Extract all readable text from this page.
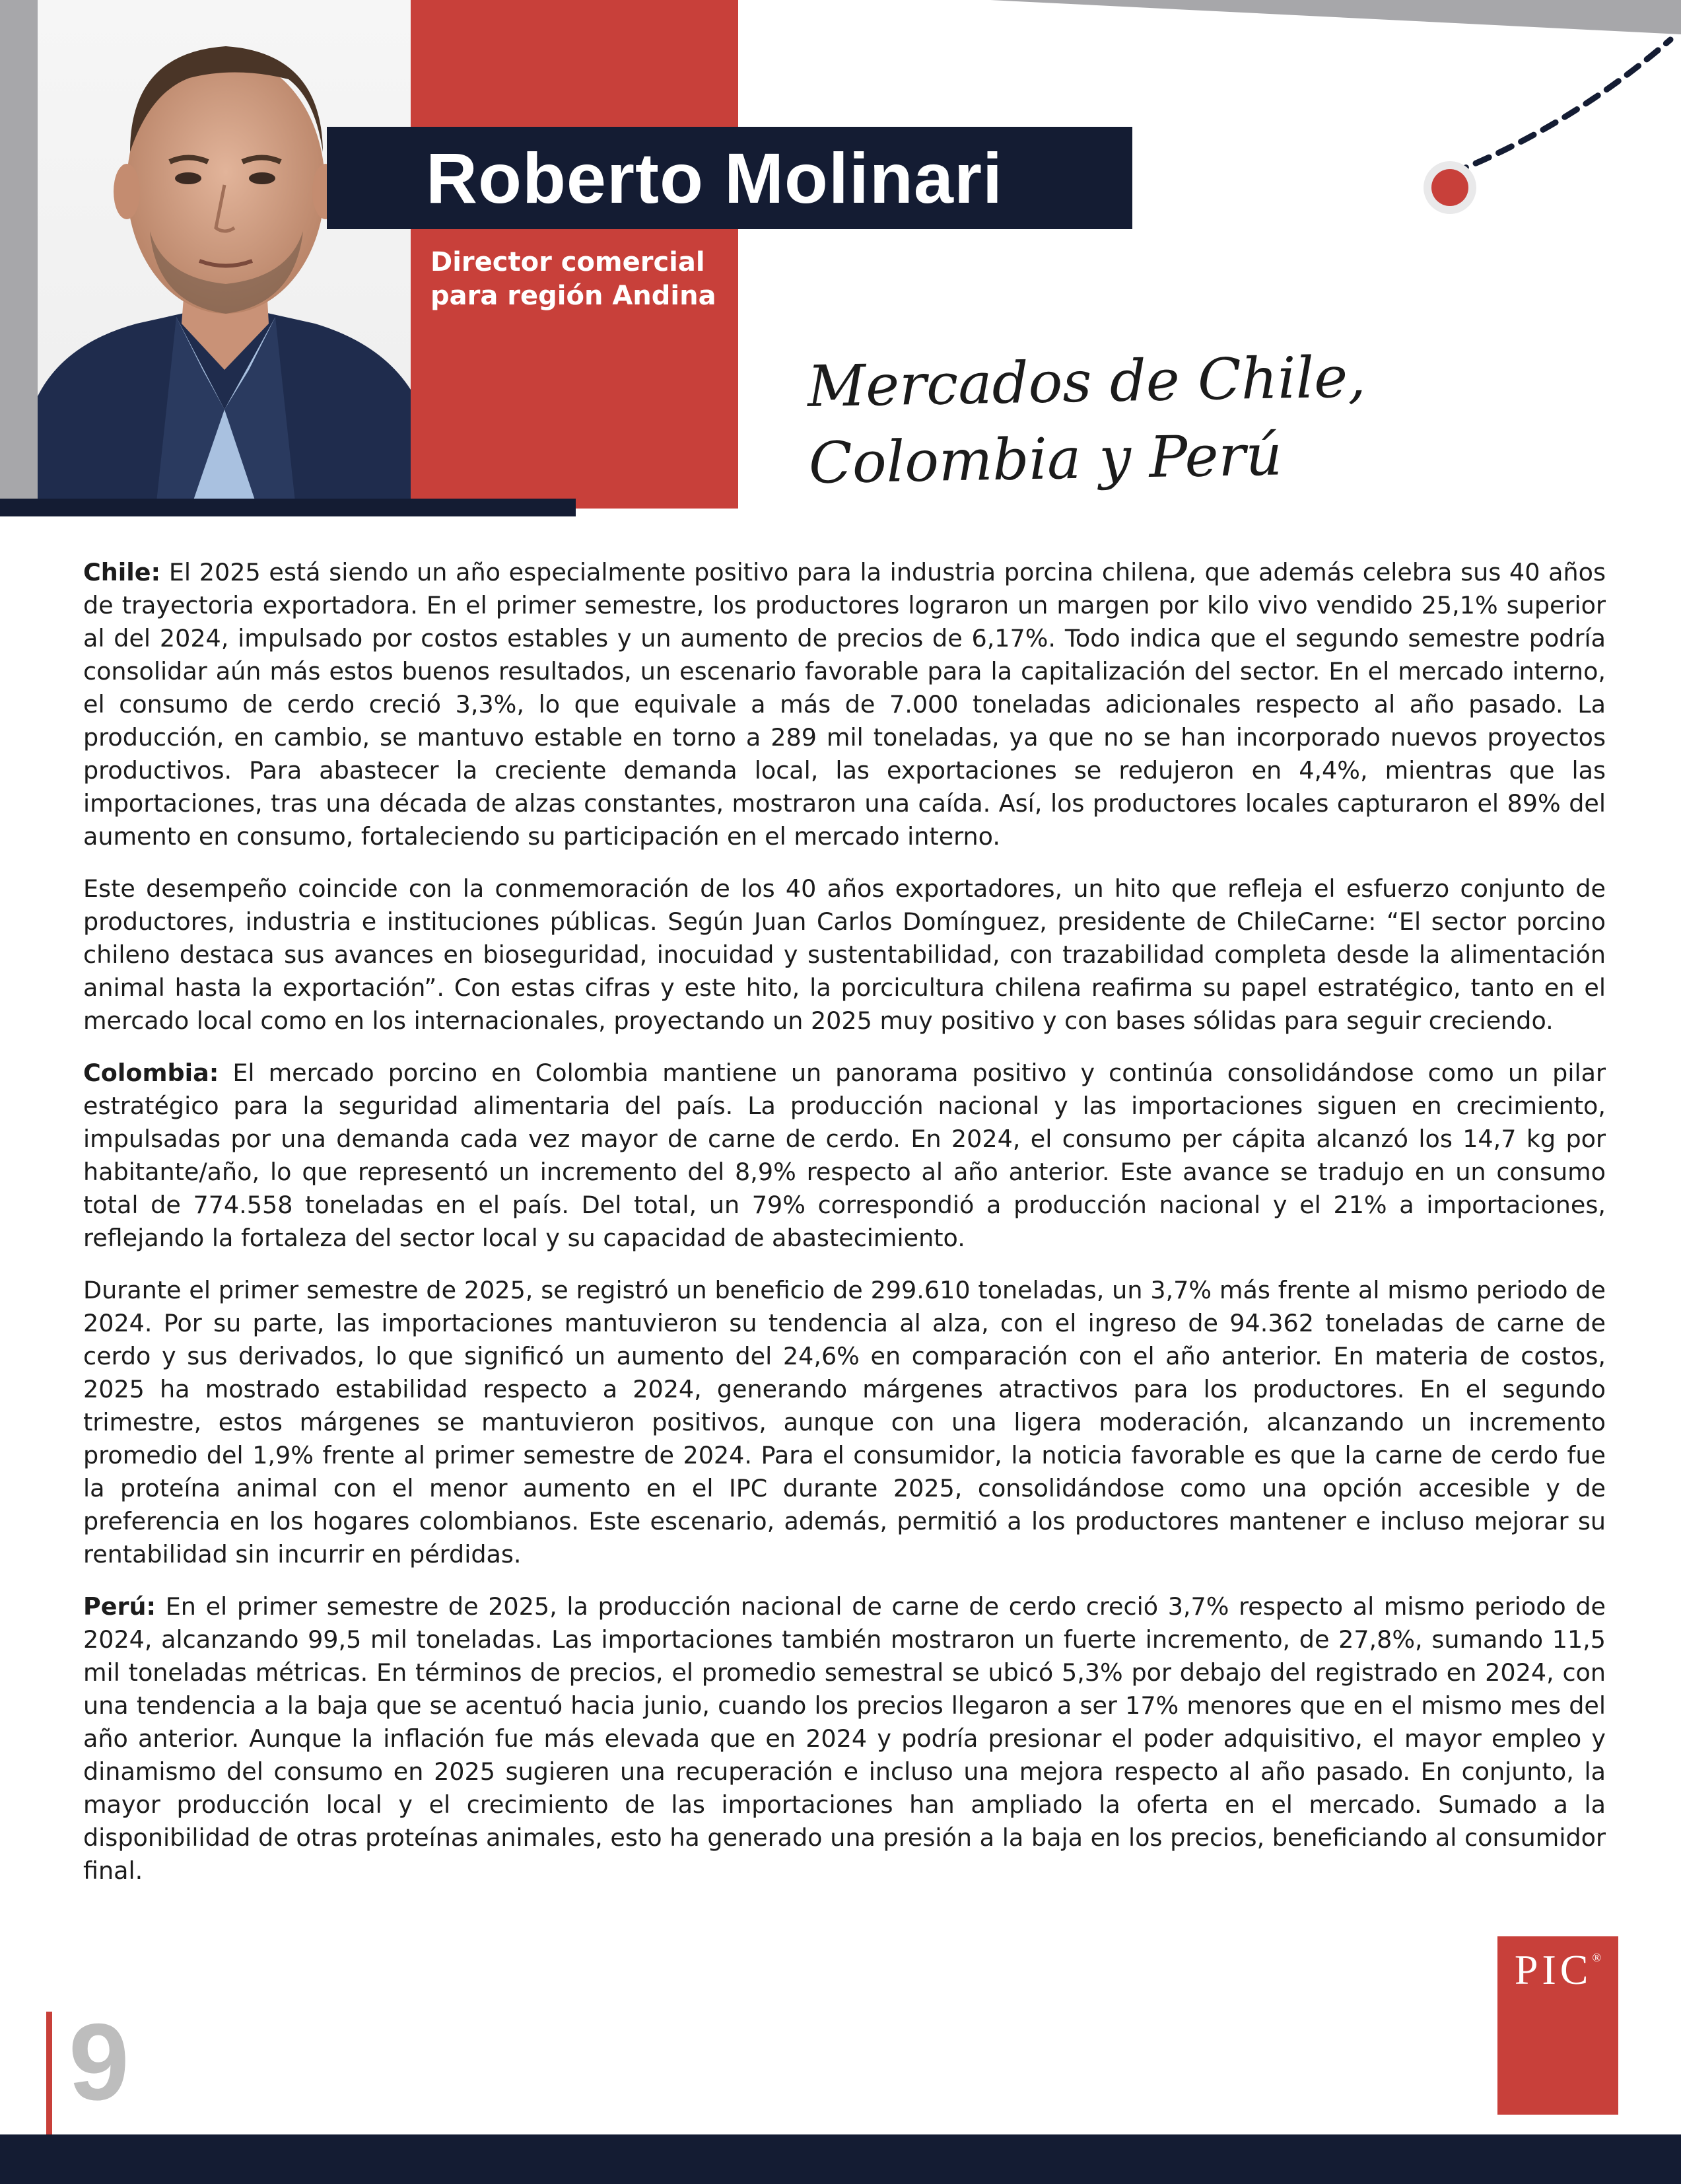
Roberto Molinari
Director comercial
para región Andina
Mercados de Chile,
Colombia y Perú

Chile: El 2025 está siendo un año especialmente positivo para la industria porcina chilena, que además celebra sus 40 años de trayectoria exportadora. En el primer semestre, los productores lograron un margen por kilo vivo vendido 25,1% superior al del 2024, impulsado por costos estables y un aumento de precios de 6,17%. Todo indica que el segundo semestre podría consolidar aún más estos buenos resultados, un escenario favorable para la capitalización del sector. En el mercado interno, el consumo de cerdo creció 3,3%, lo que equivale a más de 7.000 toneladas adicionales respecto al año pasado. La producción, en cambio, se mantuvo estable en torno a 289 mil toneladas, ya que no se han incorporado nuevos proyectos productivos. Para abastecer la creciente demanda local, las exportaciones se redujeron en 4,4%, mientras que las importaciones, tras una década de alzas constantes, mostraron una caída. Así, los productores locales capturaron el 89% del aumento en consumo, fortaleciendo su participación en el mercado interno.

Este desempeño coincide con la conmemoración de los 40 años exportadores, un hito que refleja el esfuerzo conjunto de productores, industria e instituciones públicas. Según Juan Carlos Domínguez, presidente de ChileCarne: “El sector porcino chileno destaca sus avances en bioseguridad, inocuidad y sustentabilidad, con trazabilidad completa desde la alimentación animal hasta la exportación”. Con estas cifras y este hito, la porcicultura chilena reafirma su papel estratégico, tanto en el mercado local como en los internacionales, proyectando un 2025 muy positivo y con bases sólidas para seguir creciendo.

Colombia: El mercado porcino en Colombia mantiene un panorama positivo y continúa consolidándose como un pilar estratégico para la seguridad alimentaria del país. La producción nacional y las importaciones siguen en crecimiento, impulsadas por una demanda cada vez mayor de carne de cerdo. En 2024, el consumo per cápita alcanzó los 14,7 kg por habitante/año, lo que representó un incremento del 8,9% respecto al año anterior. Este avance se tradujo en un consumo total de 774.558 toneladas en el país. Del total, un 79% correspondió a producción nacional y el 21% a importaciones, reflejando la fortaleza del sector local y su capacidad de abastecimiento.

Durante el primer semestre de 2025, se registró un beneficio de 299.610 toneladas, un 3,7% más frente al mismo periodo de 2024. Por su parte, las importaciones mantuvieron su tendencia al alza, con el ingreso de 94.362 toneladas de carne de cerdo y sus derivados, lo que significó un aumento del 24,6% en comparación con el año anterior. En materia de costos, 2025 ha mostrado estabilidad respecto a 2024, generando márgenes atractivos para los productores. En el segundo trimestre, estos márgenes se mantuvieron positivos, aunque con una ligera moderación, alcanzando un incremento promedio del 1,9% frente al primer semestre de 2024. Para el consumidor, la noticia favorable es que la carne de cerdo fue la proteína animal con el menor aumento en el IPC durante 2025, consolidándose como una opción accesible y de preferencia en los hogares colombianos. Este escenario, además, permitió a los productores mantener e incluso mejorar su rentabilidad sin incurrir en pérdidas.

Perú: En el primer semestre de 2025, la producción nacional de carne de cerdo creció 3,7% respecto al mismo periodo de 2024, alcanzando 99,5 mil toneladas. Las importaciones también mostraron un fuerte incremento, de 27,8%, sumando 11,5 mil toneladas métricas. En términos de precios, el promedio semestral se ubicó 5,3% por debajo del registrado en 2024, con una tendencia a la baja que se acentuó hacia junio, cuando los precios llegaron a ser 17% menores que en el mismo mes del año anterior. Aunque la inflación fue más elevada que en 2024 y podría presionar el poder adquisitivo, el mayor empleo y dinamismo del consumo en 2025 sugieren una recuperación e incluso una mejora respecto al año pasado. En conjunto, la mayor producción local y el crecimiento de las importaciones han ampliado la oferta en el mercado. Sumado a la disponibilidad de otras proteínas animales, esto ha generado una presión a la baja en los precios, beneficiando al consumidor final.

PIC®
9
